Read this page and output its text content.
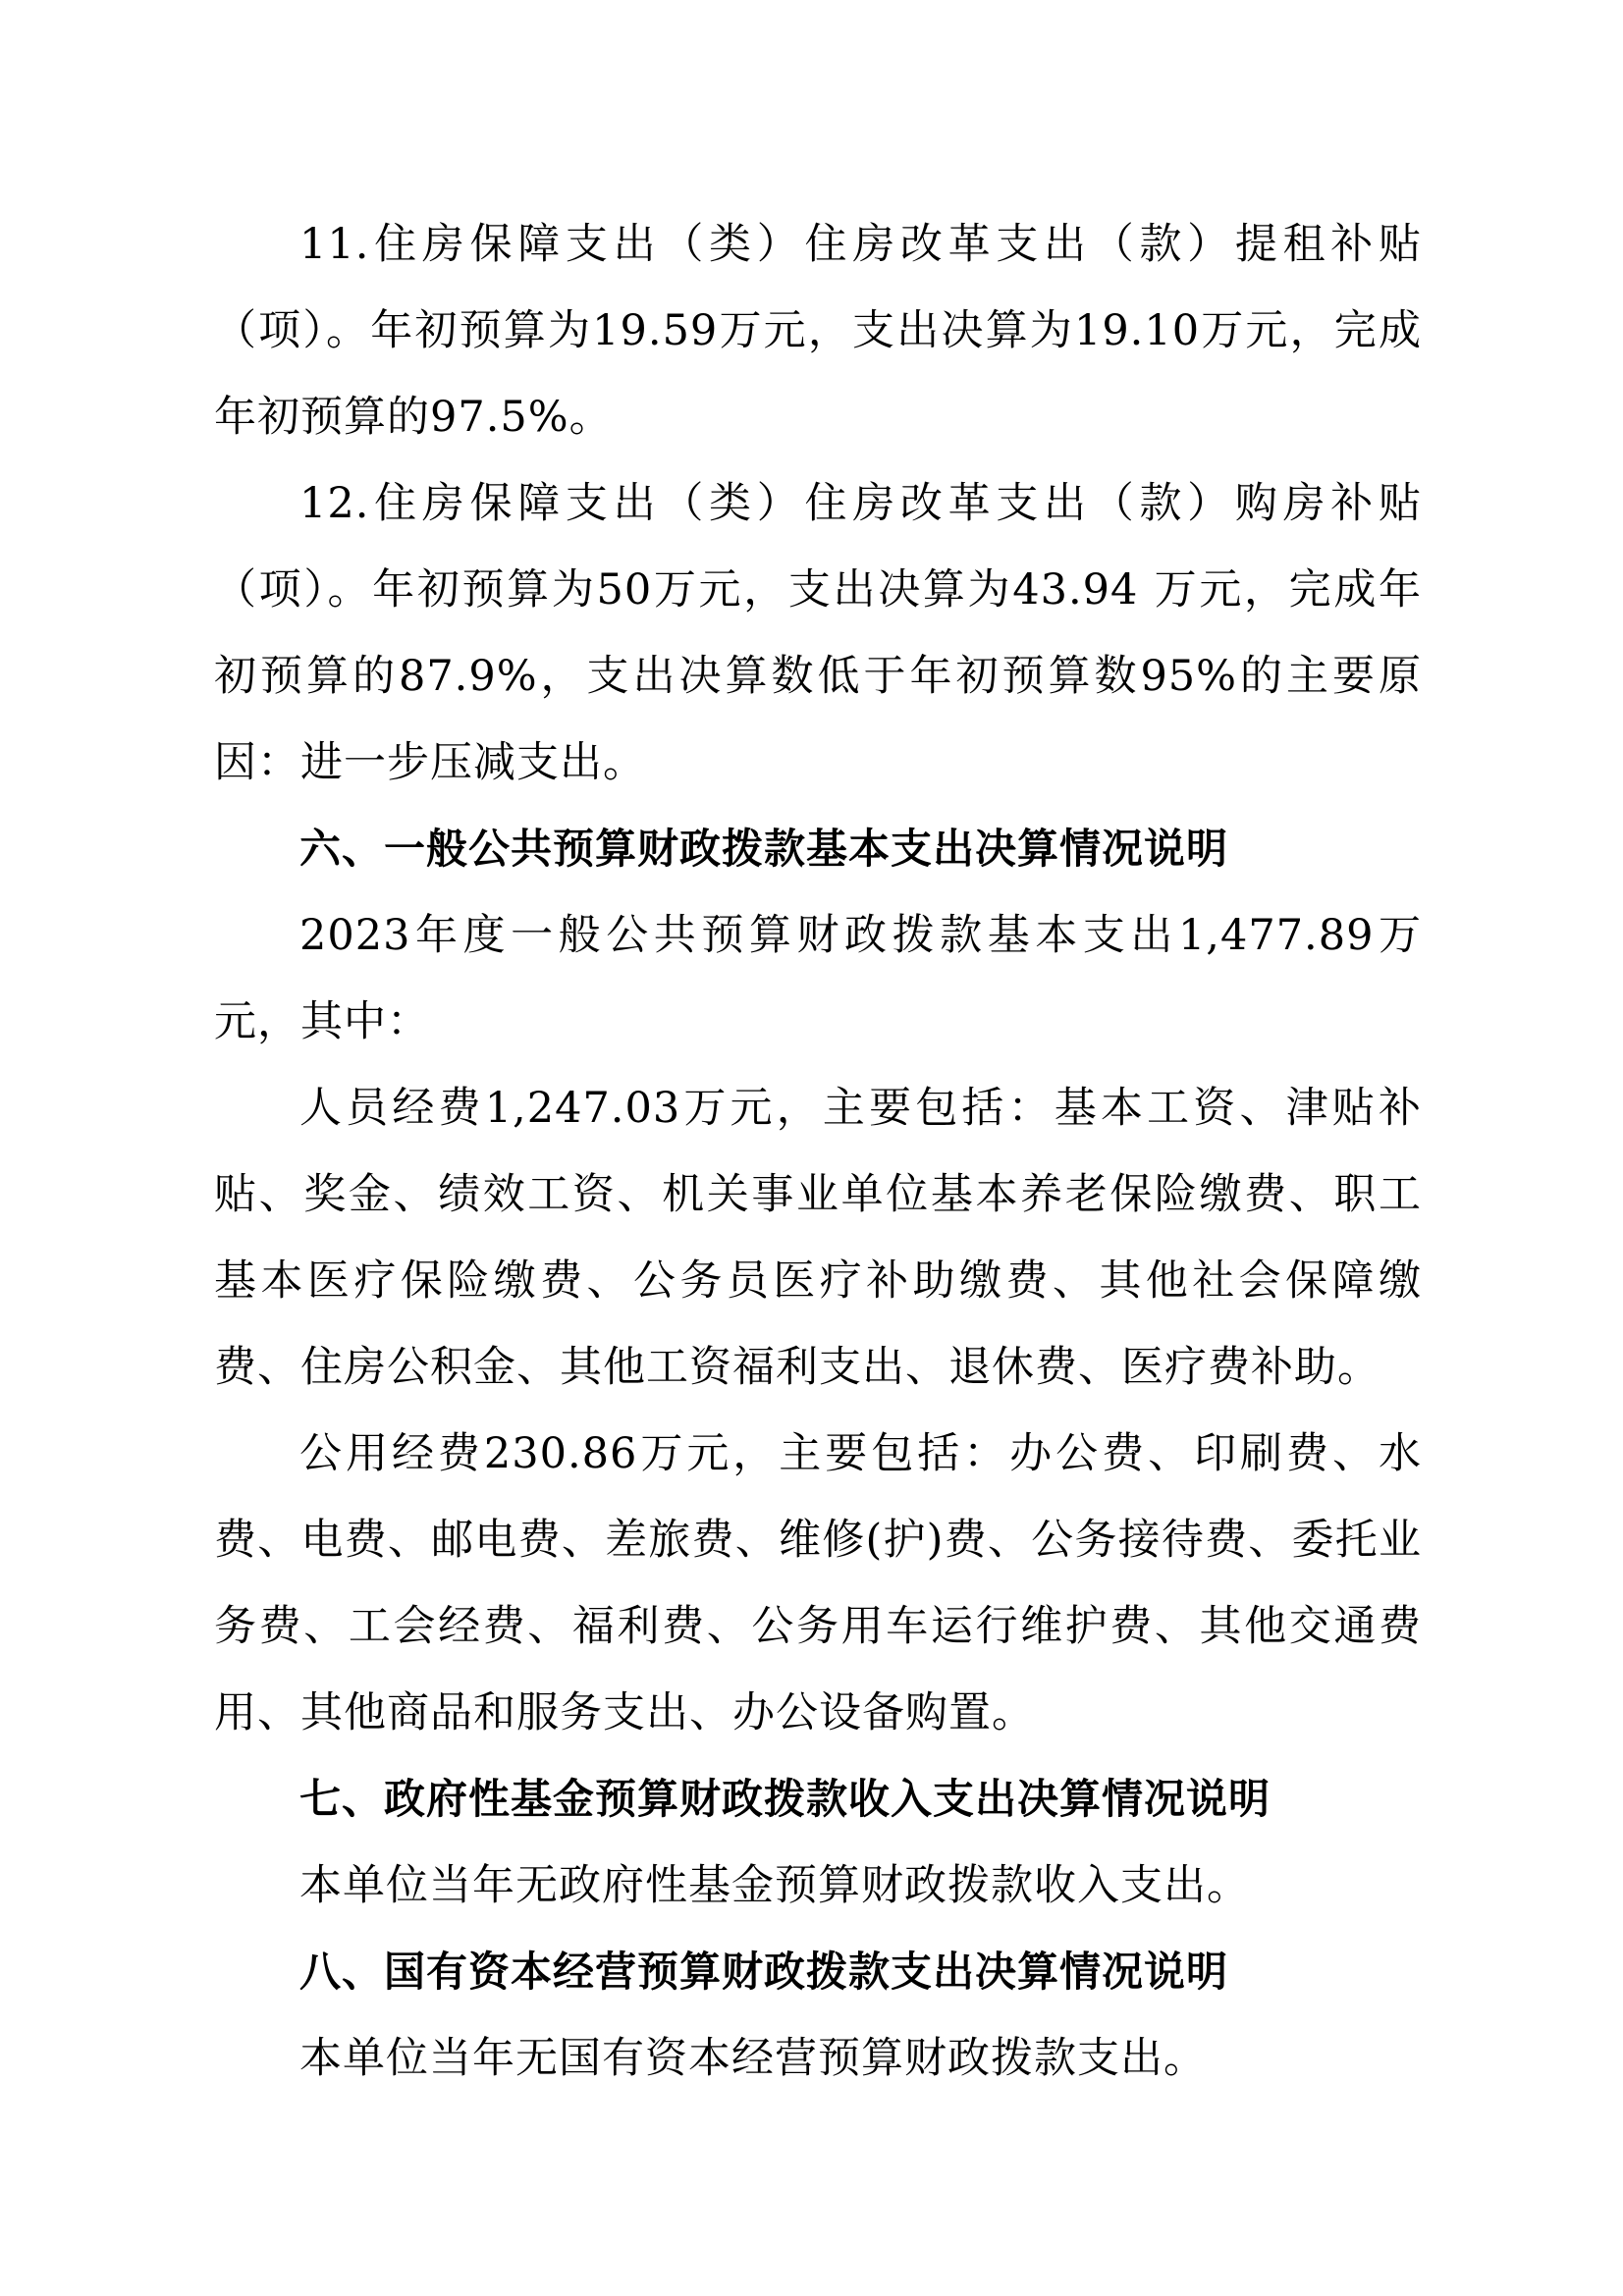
11.住房保障支出（类）住房改革支出（款）提租补贴（项）。年初预算为19.59万元，支出决算为19.10万元，完成年初预算的97.5%。

12.住房保障支出（类）住房改革支出（款）购房补贴（项）。年初预算为50万元，支出决算为43.94 万元，完成年初预算的87.9%，支出决算数低于年初预算数95%的主要原因：进一步压减支出。

六、一般公共预算财政拨款基本支出决算情况说明

2023年度一般公共预算财政拨款基本支出1,477.89万元，其中：

人员经费1,247.03万元，主要包括：基本工资、津贴补贴、奖金、绩效工资、机关事业单位基本养老保险缴费、职工基本医疗保险缴费、公务员医疗补助缴费、其他社会保障缴费、住房公积金、其他工资福利支出、退休费、医疗费补助。

公用经费230.86万元，主要包括：办公费、印刷费、水费、电费、邮电费、差旅费、维修(护)费、公务接待费、委托业务费、工会经费、福利费、公务用车运行维护费、其他交通费用、其他商品和服务支出、办公设备购置。

七、政府性基金预算财政拨款收入支出决算情况说明

本单位当年无政府性基金预算财政拨款收入支出。

八、国有资本经营预算财政拨款支出决算情况说明

本单位当年无国有资本经营预算财政拨款支出。
